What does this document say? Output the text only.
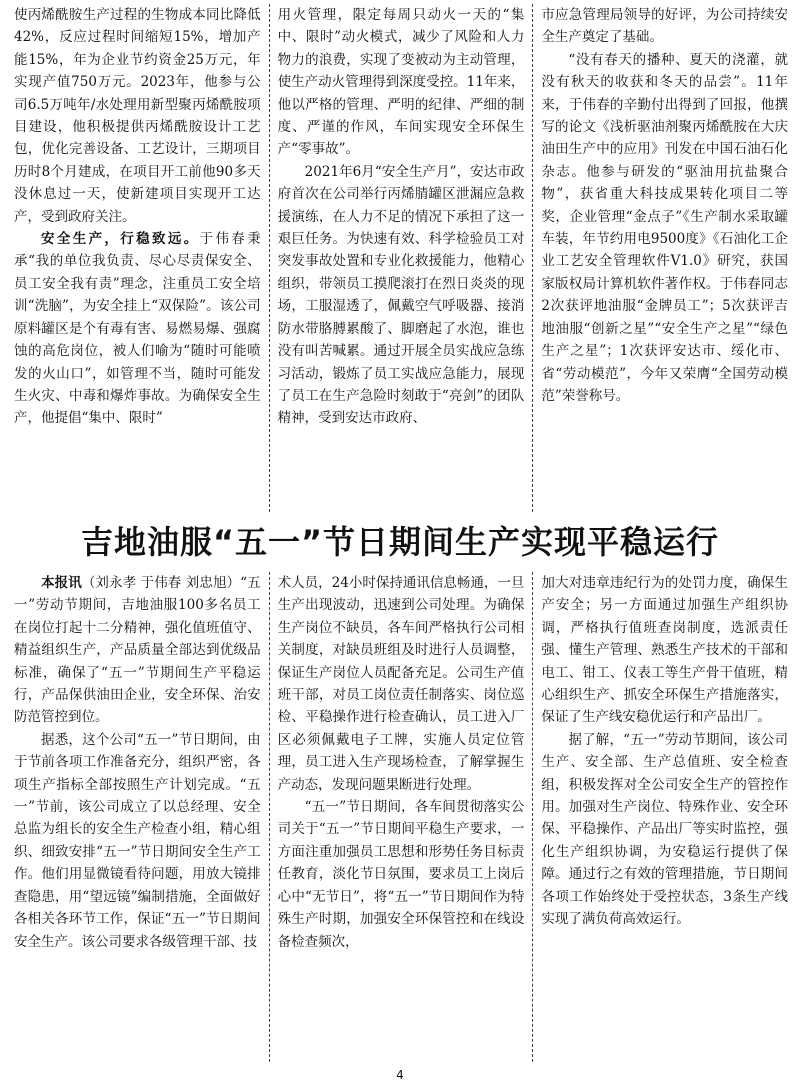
使丙烯酰胺生产过程的生物成本同比降低42%，反应过程时间缩短15%，增加产能15%，年为企业节约资金25万元，年实现产值750万元。2023年，他参与公司6.5万吨年/水处理用新型聚丙烯酰胺项目建设，他积极提供丙烯酰胺设计工艺包，优化完善设备、工艺设计，三期项目历时8个月建成，在项目开工前他90多天没休息过一天，使新建项目实现开工达产，受到政府关注。

安全生产，行稳致远。于伟春秉承“我的单位我负责、尽心尽责保安全、员工安全我有责”理念，注重员工安全培训“洗脑”，为安全挂上“双保险”。该公司原料罐区是个有毒有害、易燃易爆、强腐蚀的高危岗位，被人们喻为“随时可能喷发的火山口”，如管理不当，随时可能发生火灾、中毒和爆炸事故。为确保安全生产，他提倡“集中、限时”

用火管理，限定每周只动火一天的“集中、限时”动火模式，减少了风险和人力物力的浪费，实现了变被动为主动管理，使生产动火管理得到深度受控。11年来，他以严格的管理、严明的纪律、严细的制度、严谨的作风，车间实现安全环保生产“零事故”。

2021年6月“安全生产月”，安达市政府首次在公司举行丙烯腈罐区泄漏应急救援演练，在人力不足的情况下承担了这一艰巨任务。为快速有效、科学检验员工对突发事故处置和专业化救援能力，他精心组织，带领员工摸爬滚打在烈日炎炎的现场，工服湿透了，佩戴空气呼吸器、接消防水带胳膊累酸了、脚磨起了水泡，谁也没有叫苦喊累。通过开展全员实战应急练习活动，锻炼了员工实战应急能力，展现了员工在生产急险时刻敢于“亮剑”的团队精神，受到安达市政府、

市应急管理局领导的好评，为公司持续安全生产奠定了基础。

“没有春天的播种、夏天的浇灌，就没有秋天的收获和冬天的品尝”。11年来，于伟春的辛勤付出得到了回报，他撰写的论文《浅析驱油剂聚丙烯酰胺在大庆油田生产中的应用》刊发在中国石油石化杂志。他参与研发的“驱油用抗盐聚合物”，获省重大科技成果转化项目二等奖，企业管理“金点子”《生产制水采取罐车装，年节约用电9500度》《石油化工企业工艺安全管理软件V1.0》研究，获国家版权局计算机软件著作权。于伟春同志2次获评地油服“金牌员工”；5次获评吉地油服“创新之星”“安全生产之星”“绿色生产之星”；1次获评安达市、绥化市、省“劳动模范”，今年又荣膺“全国劳动模范”荣誉称号。

吉地油服“五一”节日期间生产实现平稳运行

本报讯（刘永孝 于伟春 刘忠旭）“五一”劳动节期间，吉地油服100多名员工在岗位打起十二分精神，强化值班值守、精益组织生产，产品质量全部达到优级品标准，确保了“五一”节期间生产平稳运行，产品保供油田企业，安全环保、治安防范管控到位。

据悉，这个公司“五一”节日期间，由于节前各项工作准备充分，组织严密，各项生产指标全部按照生产计划完成。“五一”节前，该公司成立了以总经理、安全总监为组长的安全生产检查小组，精心组织、细致安排“五一”节日期间安全生产工作。他们用显微镜看待问题，用放大镜排查隐患，用“望远镜”编制措施，全面做好各相关各环节工作，保证“五一”节日期间安全生产。该公司要求各级管理干部、技

术人员，24小时保持通讯信息畅通，一旦生产出现波动，迅速到公司处理。为确保生产岗位不缺员，各车间严格执行公司相关制度，对缺员班组及时进行人员调整，保证生产岗位人员配备充足。公司生产值班干部，对员工岗位责任制落实、岗位巡检、平稳操作进行检查确认，员工进入厂区必须佩戴电子工牌，实施人员定位管理，员工进入生产现场检查，了解掌握生产动态，发现问题果断进行处理。

“五一”节日期间，各车间贯彻落实公司关于“五一”节日期间平稳生产要求，一方面注重加强员工思想和形势任务目标责任教育，淡化节日氛围，要求员工上岗后心中“无节日”，将“五一”节日期间作为特殊生产时期，加强安全环保管控和在线设备检查频次，

加大对违章违纪行为的处罚力度，确保生产安全；另一方面通过加强生产组织协调，严格执行值班查岗制度，选派责任强、懂生产管理、熟悉生产技术的干部和电工、钳工、仪表工等生产骨干值班，精心组织生产、抓安全环保生产措施落实，保证了生产线安稳优运行和产品出厂。

据了解，“五一”劳动节期间，该公司生产、安全部、生产总值班、安全检查组，积极发挥对全公司安全生产的管控作用。加强对生产岗位、特殊作业、安全环保、平稳操作、产品出厂等实时监控，强化生产组织协调，为安稳运行提供了保障。通过行之有效的管理措施，节日期间各项工作始终处于受控状态，3条生产线实现了满负荷高效运行。

4
